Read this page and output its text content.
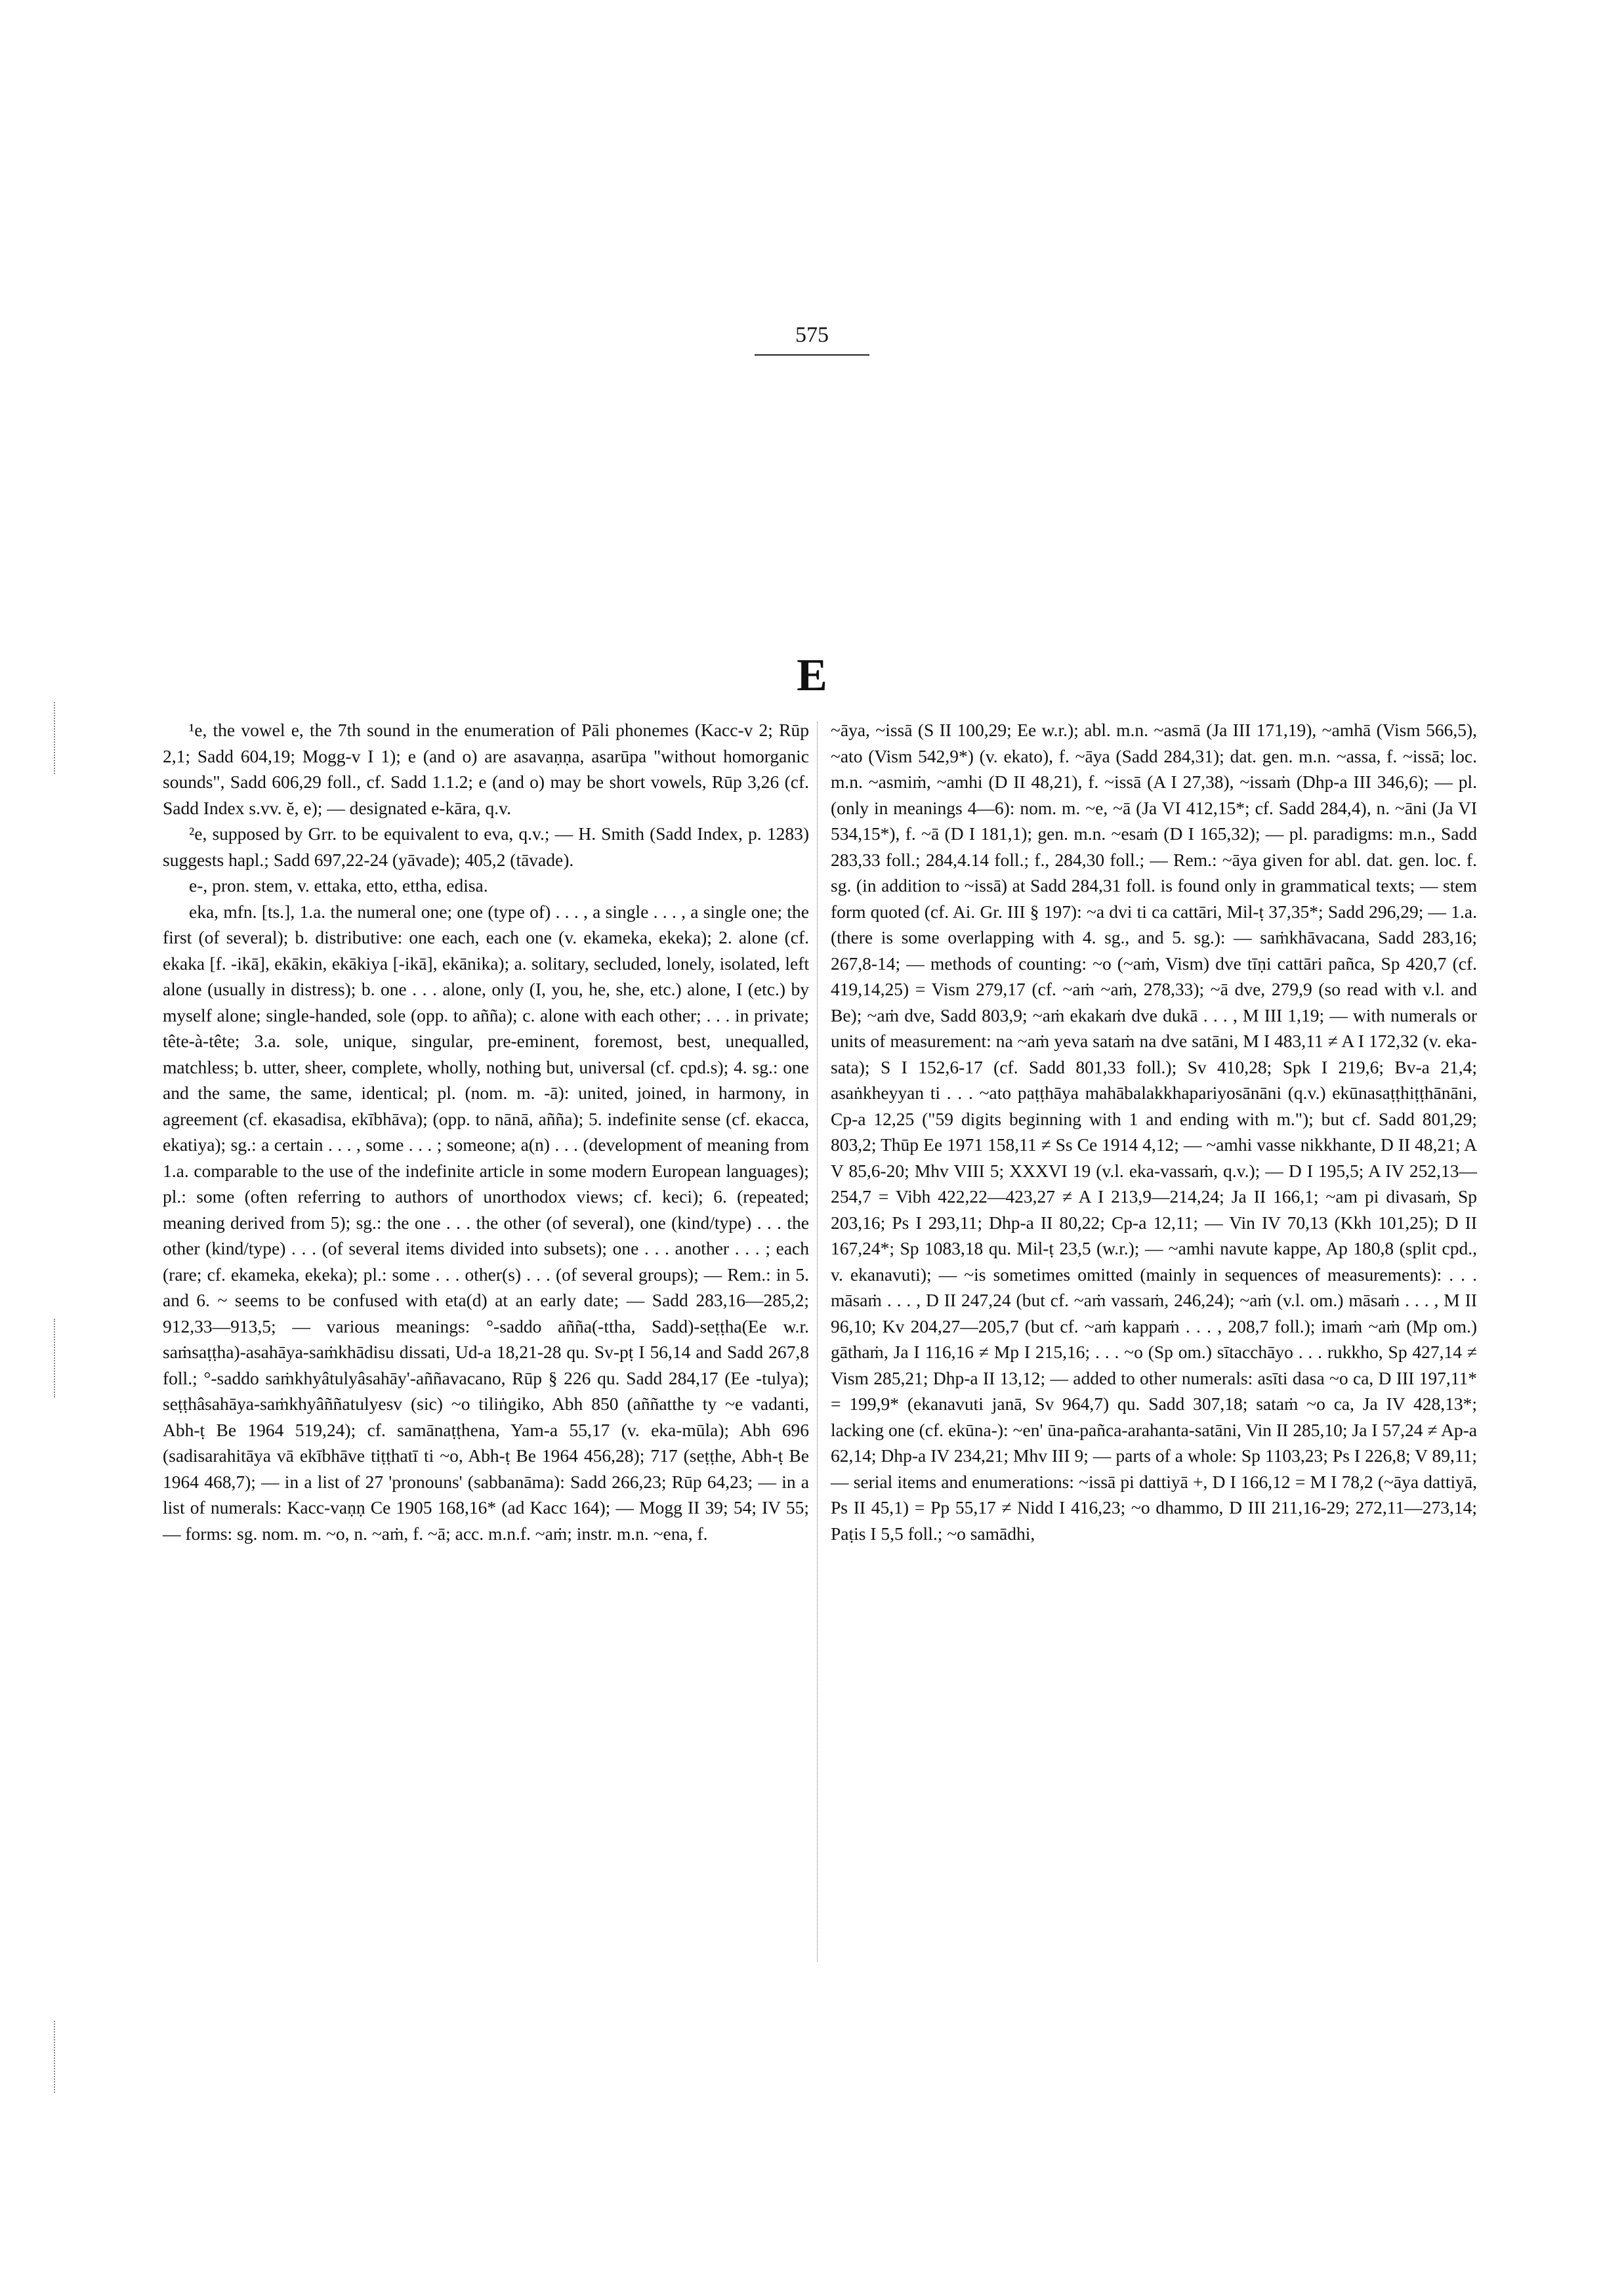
575
E

¹e, the vowel e, the 7th sound in the enumeration of Pāli phonemes (Kacc-v 2; Rūp 2,1; Sadd 604,19; Mogg-v I 1); e (and o) are asavaṇṇa, asarūpa "without homorganic sounds", Sadd 606,29 foll., cf. Sadd 1.1.2; e (and o) may be short vowels, Rūp 3,26 (cf. Sadd Index s.vv. ĕ, e); — designated e-kāra, q.v.

²e, supposed by Grr. to be equivalent to eva, q.v.; — H. Smith (Sadd Index, p. 1283) suggests hapl.; Sadd 697,22-24 (yāvade); 405,2 (tāvade).

e-, pron. stem, v. ettaka, etto, ettha, edisa.

eka, mfn. [ts.], 1.a. the numeral one; one (type of) . . . , a single . . . , a single one; the first (of several); b. distributive: one each, each one (v. ekameka, ekeka); 2. alone (cf. ekaka [f. -ikā], ekākin, ekākiya [-ikā], ekānika); a. solitary, secluded, lonely, isolated, left alone (usually in distress); b. one . . . alone, only (I, you, he, she, etc.) alone, I (etc.) by myself alone; single-handed, sole (opp. to añña); c. alone with each other; . . . in private; tête-à-tête; 3.a. sole, unique, singular, pre-eminent, foremost, best, unequalled, matchless; b. utter, sheer, complete, wholly, nothing but, universal (cf. cpd.s); 4. sg.: one and the same, the same, identical; pl. (nom. m. -ā): united, joined, in harmony, in agreement (cf. ekasadisa, ekībhāva); (opp. to nānā, añña); 5. indefinite sense (cf. ekacca, ekatiya); sg.: a certain . . . , some . . . ; someone; a(n) . . . (development of meaning from 1.a. comparable to the use of the indefinite article in some modern European languages); pl.: some (often referring to authors of unorthodox views; cf. keci); 6. (repeated; meaning derived from 5); sg.: the one . . . the other (of several), one (kind/type) . . . the other (kind/type) . . . (of several items divided into subsets); one . . . another . . . ; each (rare; cf. ekameka, ekeka); pl.: some . . . other(s) . . . (of several groups); — Rem.: in 5. and 6. ~ seems to be confused with eta(d) at an early date; — Sadd 283,16—285,2; 912,33—913,5; — various meanings: °-saddo añña(-ttha, Sadd)-seṭṭha(Ee w.r. saṁsaṭṭha)-asahāya-saṁkhādisu dissati, Ud-a 18,21-28 qu. Sv-pṭ I 56,14 and Sadd 267,8 foll.; °-saddo saṁkhyâtulyâsahāy'-aññavacano, Rūp § 226 qu. Sadd 284,17 (Ee -tulya); seṭṭhâsahāya-saṁkhyâññatulyesv (sic) ~o tiliṅgiko, Abh 850 (aññatthe ty ~e vadanti, Abh-ṭ Be 1964 519,24); cf. samānaṭṭhena, Yam-a 55,17 (v. eka-mūla); Abh 696 (sadisarahitāya vā ekībhāve tiṭṭhatī ti ~o, Abh-ṭ Be 1964 456,28); 717 (seṭṭhe, Abh-ṭ Be 1964 468,7); — in a list of 27 'pronouns' (sabbanāma): Sadd 266,23; Rūp 64,23; — in a list of numerals: Kacc-vaṇṇ Ce 1905 168,16* (ad Kacc 164); — Mogg II 39; 54; IV 55; — forms: sg. nom. m. ~o, n. ~aṁ, f. ~ā; acc. m.n.f. ~aṁ; instr. m.n. ~ena, f.

~āya, ~issā (S II 100,29; Ee w.r.); abl. m.n. ~asmā (Ja III 171,19), ~amhā (Vism 566,5), ~ato (Vism 542,9*) (v. ekato), f. ~āya (Sadd 284,31); dat. gen. m.n. ~assa, f. ~issā; loc. m.n. ~asmiṁ, ~amhi (D II 48,21), f. ~issā (A I 27,38), ~issaṁ (Dhp-a III 346,6); — pl. (only in meanings 4—6): nom. m. ~e, ~ā (Ja VI 412,15*; cf. Sadd 284,4), n. ~āni (Ja VI 534,15*), f. ~ā (D I 181,1); gen. m.n. ~esaṁ (D I 165,32); — pl. paradigms: m.n., Sadd 283,33 foll.; 284,4.14 foll.; f., 284,30 foll.; — Rem.: ~āya given for abl. dat. gen. loc. f. sg. (in addition to ~issā) at Sadd 284,31 foll. is found only in grammatical texts; — stem form quoted (cf. Ai. Gr. III § 197): ~a dvi ti ca cattāri, Mil-ṭ 37,35*; Sadd 296,29; — 1.a. (there is some overlapping with 4. sg., and 5. sg.): — saṁkhāvacana, Sadd 283,16; 267,8-14; — methods of counting: ~o (~aṁ, Vism) dve tīṇi cattāri pañca, Sp 420,7 (cf. 419,14,25) = Vism 279,17 (cf. ~aṁ ~aṁ, 278,33); ~ā dve, 279,9 (so read with v.l. and Be); ~aṁ dve, Sadd 803,9; ~aṁ ekakaṁ dve dukā . . . , M III 1,19; — with numerals or units of measurement: na ~aṁ yeva sataṁ na dve satāni, M I 483,11 ≠ A I 172,32 (v. eka-sata); S I 152,6-17 (cf. Sadd 801,33 foll.); Sv 410,28; Spk I 219,6; Bv-a 21,4; asaṅkheyyan ti . . . ~ato paṭṭhāya mahābalakkhapariyosānāni (q.v.) ekūnasaṭṭhiṭṭhānāni, Cp-a 12,25 ("59 digits beginning with 1 and ending with m."); but cf. Sadd 801,29; 803,2; Thūp Ee 1971 158,11 ≠ Ss Ce 1914 4,12; — ~amhi vasse nikkhante, D II 48,21; A V 85,6-20; Mhv VIII 5; XXXVI 19 (v.l. eka-vassaṁ, q.v.); — D I 195,5; A IV 252,13—254,7 = Vibh 422,22—423,27 ≠ A I 213,9—214,24; Ja II 166,1; ~am pi divasaṁ, Sp 203,16; Ps I 293,11; Dhp-a II 80,22; Cp-a 12,11; — Vin IV 70,13 (Kkh 101,25); D II 167,24*; Sp 1083,18 qu. Mil-ṭ 23,5 (w.r.); — ~amhi navute kappe, Ap 180,8 (split cpd., v. ekanavuti); — ~is sometimes omitted (mainly in sequences of measurements): . . . māsaṁ . . . , D II 247,24 (but cf. ~aṁ vassaṁ, 246,24); ~aṁ (v.l. om.) māsaṁ . . . , M II 96,10; Kv 204,27—205,7 (but cf. ~aṁ kappaṁ . . . , 208,7 foll.); imaṁ ~aṁ (Mp om.) gāthaṁ, Ja I 116,16 ≠ Mp I 215,16; . . . ~o (Sp om.) sītacchāyo . . . rukkho, Sp 427,14 ≠ Vism 285,21; Dhp-a II 13,12; — added to other numerals: asīti dasa ~o ca, D III 197,11* = 199,9* (ekanavuti janā, Sv 964,7) qu. Sadd 307,18; sataṁ ~o ca, Ja IV 428,13*; lacking one (cf. ekūna-): ~en' ūna-pañca-arahanta-satāni, Vin II 285,10; Ja I 57,24 ≠ Ap-a 62,14; Dhp-a IV 234,21; Mhv III 9; — parts of a whole: Sp 1103,23; Ps I 226,8; V 89,11; — serial items and enumerations: ~issā pi dattiyā +, D I 166,12 = M I 78,2 (~āya dattiyā, Ps II 45,1) = Pp 55,17 ≠ Nidd I 416,23; ~o dhammo, D III 211,16-29; 272,11—273,14; Paṭis I 5,5 foll.; ~o samādhi,
